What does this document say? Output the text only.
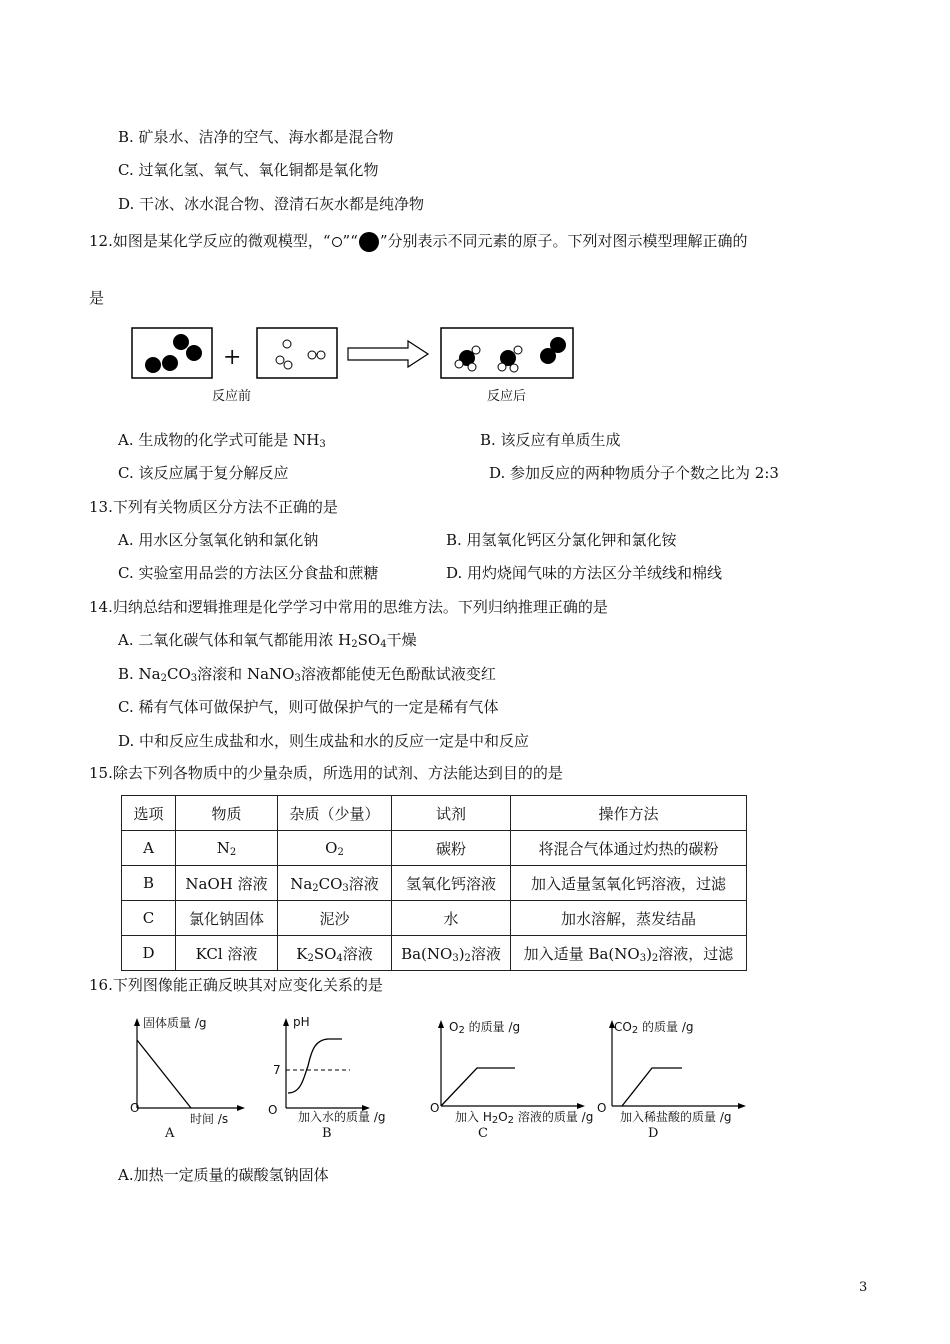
B. 矿泉水、洁净的空气、海水都是混合物
C. 过氧化氢、氧气、氧化铜都是氧化物
D. 干冰、冰水混合物、澄清石灰水都是纯净物
12.如图是某化学反应的微观模型，“ ”“ ”分别表示不同元素的原子。下列对图示模型理解正确的
是
+
反应前	反应后
A. 生成物的化学式可能是 $NH_3$	B. 该反应有单质生成
C. 该反应属于复分解反应	D. 参加反应的两种物质分子个数之比为 2:3
13.下列有关物质区分方法不正确的是
A. 用水区分氢氧化钠和氯化钠	B. 用氢氧化钙区分氯化钾和氯化铵
C. 实验室用品尝的方法区分食盐和蔗糖	D. 用灼烧闻气味的方法区分羊绒线和棉线
14.归纳总结和逻辑推理是化学学习中常用的思维方法。下列归纳推理正确的是
A. 二氧化碳气体和氧气都能用浓 $H_2SO_4$干燥
B. $Na_2CO_3$溶滚和 NaNO$_3$溶液都能使无色酚酞试液变红
C. 稀有气体可做保护气，则可做保护气的一定是稀有气体
D. 中和反应生成盐和水，则生成盐和水的反应一定是中和反应
15.除去下列各物质中的少量杂质，所选用的试剂、方法能达到目的的是
选项	物质	杂质（少量）	试剂	操作方法
A	$N_2$	$O_2$	碳粉	将混合气体通过灼热的碳粉
B	NaOH 溶液	$Na_2CO_3$溶液	氢氧化钙溶液	加入适量氢氧化钙溶液，过滤
C	氯化钠固体	泥沙	水	加水溶解，蒸发结晶
D	KCl 溶液	$K_2SO_4$溶液	$Ba(NO_3)_2$溶液	加入适量 $Ba(NO_3)_2$溶液，过滤
16.下列图像能正确反映其对应变化关系的是
固体质量 /g
O
时间 /s
A
pH
7
O 加入水的质量 /g
B
$O_2$ 的质量 /g
O
加入 $H_2O_2$ 溶液的质量 /g
C
$CO_2$ 的质量 /g
O
加入稀盐酸的质量 /g
D
A.加热一定质量的碳酸氢钠固体
3
